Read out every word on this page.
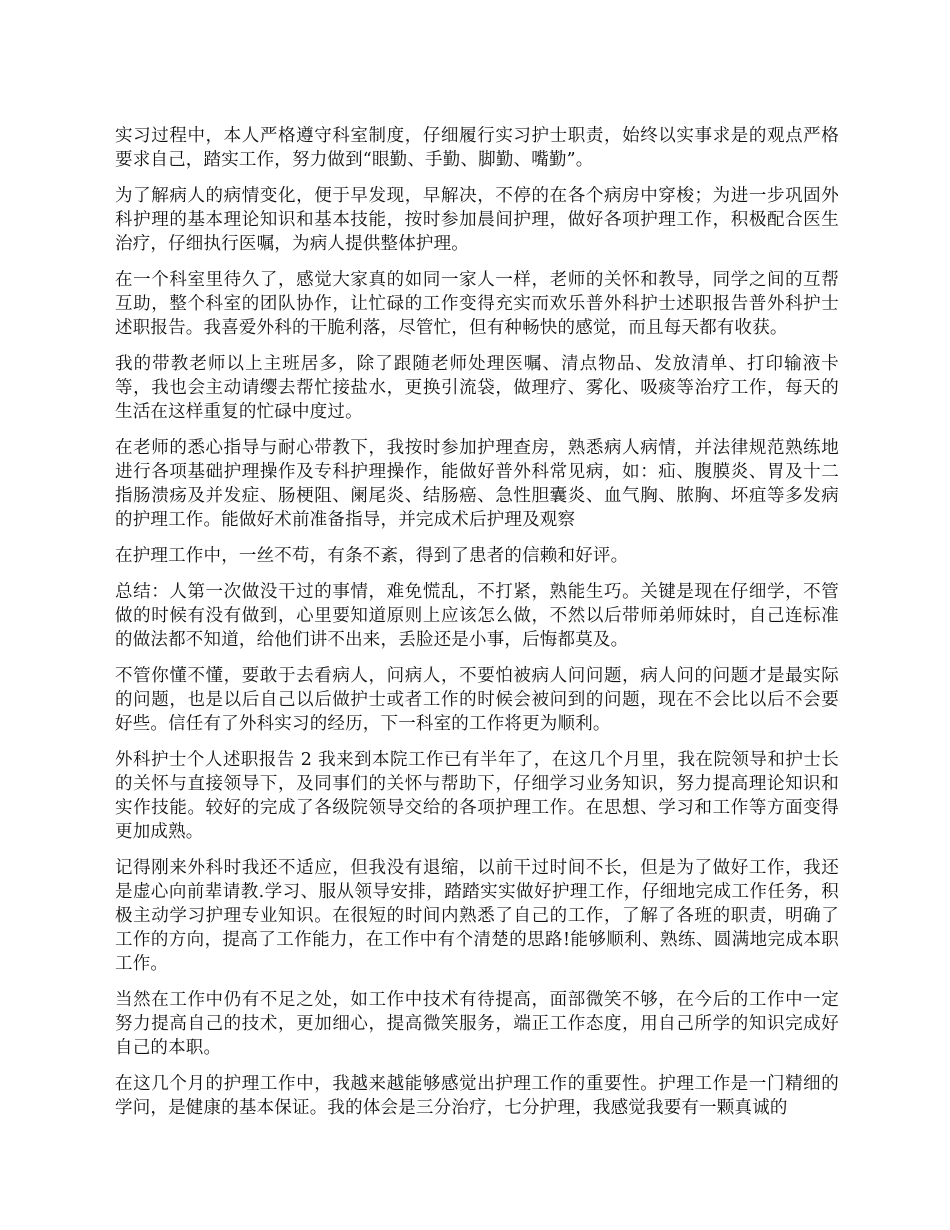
实习过程中，本人严格遵守科室制度，仔细履行实习护士职责，始终以实事求是的观点严格要求自己，踏实工作，努力做到“眼勤、手勤、脚勤、嘴勤”。

为了解病人的病情变化，便于早发现，早解决，不停的在各个病房中穿梭；为进一步巩固外科护理的基本理论知识和基本技能，按时参加晨间护理，做好各项护理工作，积极配合医生治疗，仔细执行医嘱，为病人提供整体护理。

在一个科室里待久了，感觉大家真的如同一家人一样，老师的关怀和教导，同学之间的互帮互助，整个科室的团队协作，让忙碌的工作变得充实而欢乐普外科护士述职报告普外科护士述职报告。我喜爱外科的干脆利落，尽管忙，但有种畅快的感觉，而且每天都有收获。

我的带教老师以上主班居多，除了跟随老师处理医嘱、清点物品、发放清单、打印输液卡等，我也会主动请缨去帮忙接盐水，更换引流袋，做理疗、雾化、吸痰等治疗工作，每天的生活在这样重复的忙碌中度过。

在老师的悉心指导与耐心带教下，我按时参加护理查房，熟悉病人病情，并法律规范熟练地进行各项基础护理操作及专科护理操作，能做好普外科常见病，如：疝、腹膜炎、胃及十二指肠溃疡及并发症、肠梗阻、阑尾炎、结肠癌、急性胆囊炎、血气胸、脓胸、坏疽等多发病的护理工作。能做好术前准备指导，并完成术后护理及观察

在护理工作中，一丝不苟，有条不紊，得到了患者的信赖和好评。

总结：人第一次做没干过的事情，难免慌乱，不打紧，熟能生巧。关键是现在仔细学，不管做的时候有没有做到，心里要知道原则上应该怎么做，不然以后带师弟师妹时，自己连标准的做法都不知道，给他们讲不出来，丢脸还是小事，后悔都莫及。

不管你懂不懂，要敢于去看病人，问病人，不要怕被病人问问题，病人问的问题才是最实际的问题，也是以后自己以后做护士或者工作的时候会被问到的问题，现在不会比以后不会要好些。信任有了外科实习的经历，下一科室的工作将更为顺利。

外科护士个人述职报告 2 我来到本院工作已有半年了，在这几个月里，我在院领导和护士长的关怀与直接领导下，及同事们的关怀与帮助下，仔细学习业务知识，努力提高理论知识和实作技能。较好的完成了各级院领导交给的各项护理工作。在思想、学习和工作等方面变得更加成熟。

记得刚来外科时我还不适应，但我没有退缩，以前干过时间不长，但是为了做好工作，我还是虚心向前辈请教.学习、服从领导安排，踏踏实实做好护理工作，仔细地完成工作任务，积极主动学习护理专业知识。在很短的时间内熟悉了自己的工作，了解了各班的职责，明确了工作的方向，提高了工作能力，在工作中有个清楚的思路!能够顺利、熟练、圆满地完成本职工作。

当然在工作中仍有不足之处，如工作中技术有待提高，面部微笑不够，在今后的工作中一定努力提高自己的技术，更加细心，提高微笑服务，端正工作态度，用自己所学的知识完成好自己的本职。

在这几个月的护理工作中，我越来越能够感觉出护理工作的重要性。护理工作是一门精细的学问，是健康的基本保证。我的体会是三分治疗，七分护理，我感觉我要有一颗真诚的
